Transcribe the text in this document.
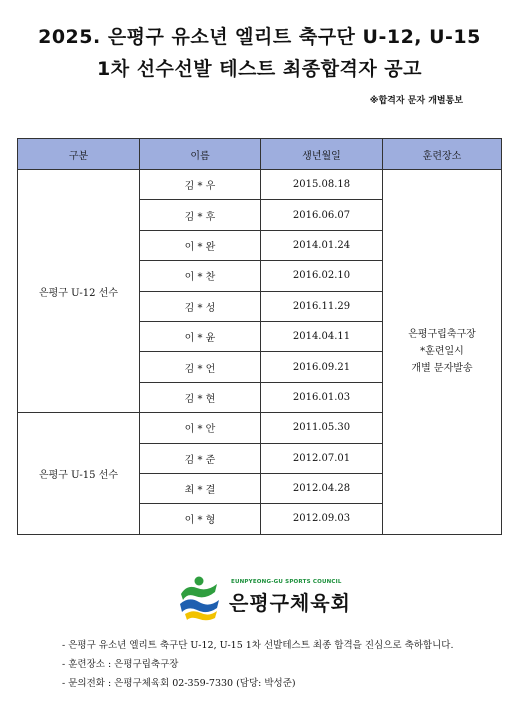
2025. 은평구 유소년 엘리트 축구단 U-12, U-15
1차 선수선발 테스트 최종합격자 공고
※합격자 문자 개별통보
구분	이름	생년월일	훈련장소
은평구 U-12 선수	김 * 우	2015.08.18	은평구립축구장
*훈련일시
개별 문자발송

	김 * 후	2016.06.07	
	이 * 완	2014.01.24	
	이 * 찬	2016.02.10	
	김 * 성	2016.11.29	
	이 * 윤	2014.04.11	
	김 * 언	2016.09.21	
	김 * 현	2016.01.03	
은평구 U-15 선수	이 * 안	2011.05.30	
	김 * 준	2012.07.01	
	최 * 결	2012.04.28	
	이 * 형	2012.09.03	
EUNPYEONG-GU SPORTS COUNCIL
은평구체육회
- 은평구 유소년 엘리트 축구단 U-12, U-15 1차 선발테스트 최종 합격을 진심으로 축하합니다.
- 훈련장소 : 은평구립축구장
- 문의전화 : 은평구체육회 02-359-7330 (담당: 박성준)
